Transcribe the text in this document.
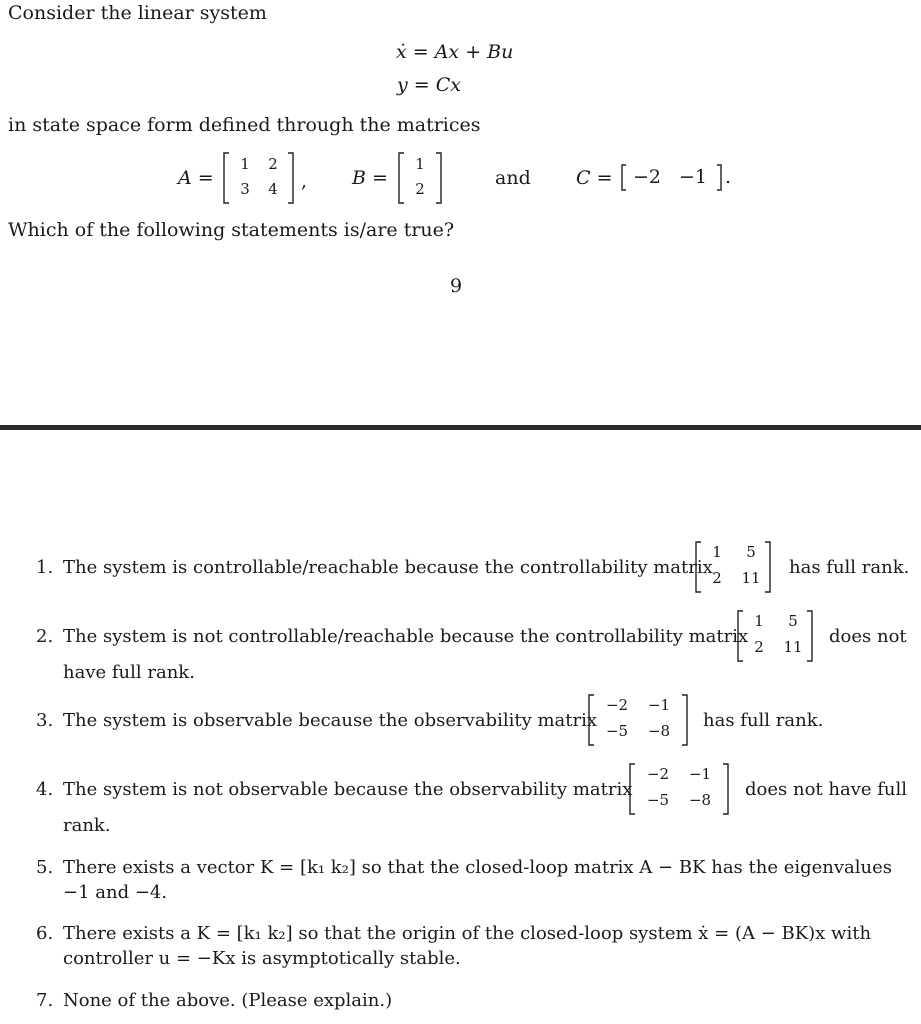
Consider the linear system
ẋ = Ax + Bu
y = Cx
in state space form defined through the matrices
A =
1	2
3	4	, B =
1
2	and C = −2 −1 .
Which of the following statements is/are true?
9
1. The system is controllable/reachable because the controllability matrix
1	5
2	11 has full rank.
2. The system is not controllable/reachable because the controllability matrix
1	5
2	11 does not
have full rank.
3. The system is observable because the observability matrix
−2	−1
−5	−8	has full rank.
4. The system is not observable because the observability matrix
−2	−1
−5	−8	does not have full
rank.
5. There exists a vector K = [k₁ k₂] so that the closed-loop matrix A − BK has the eigenvalues
−1 and −4.
6. There exists a K = [k₁ k₂] so that the origin of the closed-loop system ẋ = (A − BK)x with
controller u = −Kx is asymptotically stable.
7. None of the above. (Please explain.)
